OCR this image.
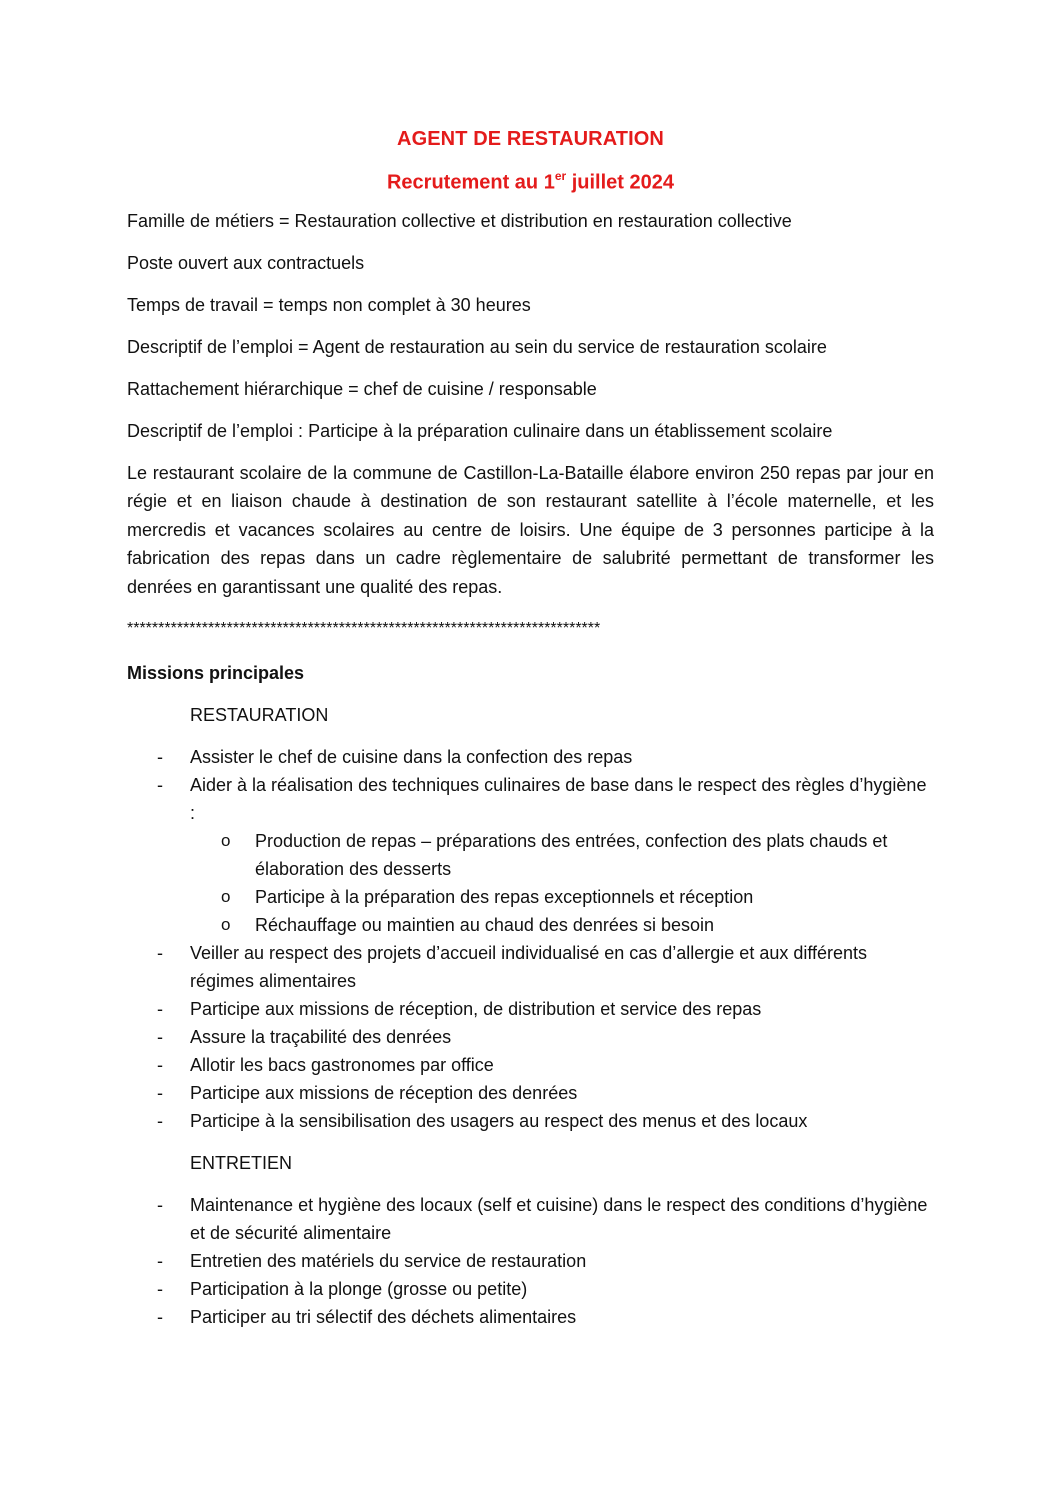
AGENT DE RESTAURATION
Recrutement au 1er juillet 2024

Famille de métiers = Restauration collective et distribution en restauration collective

Poste ouvert aux contractuels

Temps de travail = temps non complet à 30 heures

Descriptif de l’emploi = Agent de restauration au sein du service de restauration scolaire

Rattachement hiérarchique = chef de cuisine / responsable

Descriptif de l’emploi : Participe à la préparation culinaire dans un établissement scolaire

Le restaurant scolaire de la commune de Castillon-La-Bataille élabore environ 250 repas par jour en régie et en liaison chaude à destination de son restaurant satellite à l’école maternelle, et les mercredis et vacances scolaires au centre de loisirs. Une équipe de 3 personnes participe à la fabrication des repas dans un cadre règlementaire de salubrité permettant de transformer les denrées en garantissant une qualité des repas.

****************************************************************************
Missions principales
RESTAURATION
- Assister le chef de cuisine dans la confection des repas
- Aider à la réalisation des techniques culinaires de base dans le respect des règles d’hygiène :
o Production de repas – préparations des entrées, confection des plats chauds et élaboration des desserts
o Participe à la préparation des repas exceptionnels et réception
o Réchauffage ou maintien au chaud des denrées si besoin
- Veiller au respect des projets d’accueil individualisé en cas d’allergie et aux différents régimes alimentaires
- Participe aux missions de réception, de distribution et service des repas
- Assure la traçabilité des denrées
- Allotir les bacs gastronomes par office
- Participe aux missions de réception des denrées
- Participe à la sensibilisation des usagers au respect des menus et des locaux
ENTRETIEN
- Maintenance et hygiène des locaux (self et cuisine) dans le respect des conditions d’hygiène et de sécurité alimentaire
- Entretien des matériels du service de restauration
- Participation à la plonge (grosse ou petite)
- Participer au tri sélectif des déchets alimentaires
